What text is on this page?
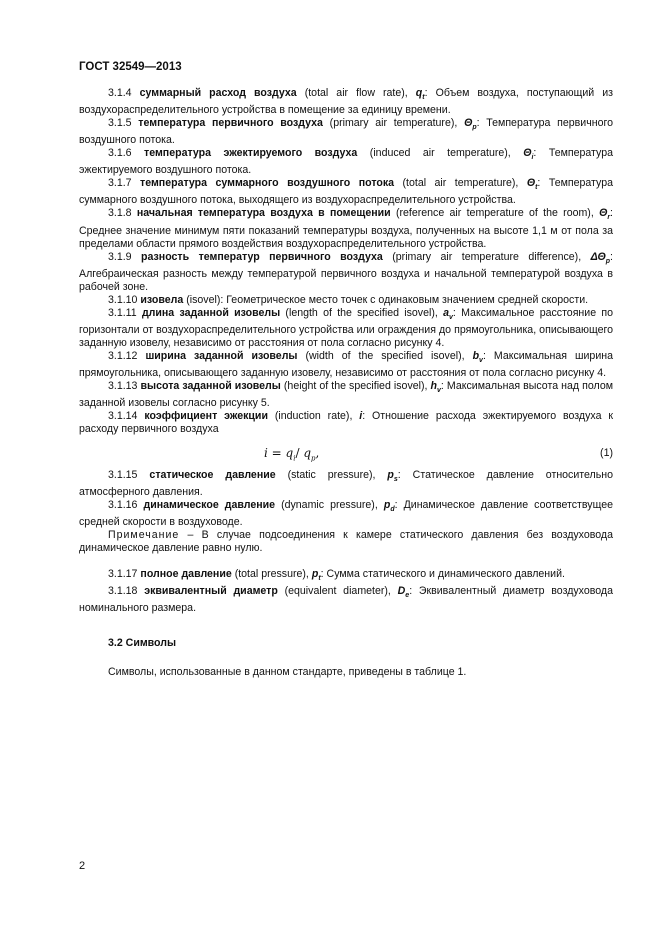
ГОСТ 32549—2013

3.1.4 суммарный расход воздуха (total air flow rate), $q_t$: Объем воздуха, поступающий из воздухораспределительного устройства в помещение за единицу времени.

3.1.5 температура первичного воздуха (primary air temperature), $\Theta_p$: Температура первичного воздушного потока.

3.1.6 температура эжектируемого воздуха (induced air temperature), $\Theta_i$: Температура эжектируемого воздушного потока.

3.1.7 температура суммарного воздушного потока (total air temperature), $\Theta_t$: Температура суммарного воздушного потока, выходящего из воздухораспределительного устройства.

3.1.8 начальная температура воздуха в помещении (reference air temperature of the room), $\Theta_r$: Среднее значение минимум пяти показаний температуры воздуха, полученных на высоте 1,1 м от пола за пределами области прямого воздействия воздухораспределительного устройства.

3.1.9 разность температур первичного воздуха (primary air temperature difference), $\Delta\Theta_p$: Алгебраическая разность между температурой первичного воздуха и начальной температурой воздуха в рабочей зоне.

3.1.10 изовела (isovel): Геометрическое место точек с одинаковым значением средней скорости.

3.1.11 длина заданной изовелы (length of the specified isovel), $a_v$: Максимальное расстояние по горизонтали от воздухораспределительного устройства или ограждения до прямоугольника, описывающего заданную изовелу, независимо от расстояния от пола согласно рисунку 4.

3.1.12 ширина заданной изовелы (width of the specified isovel), $b_v$: Максимальная ширина прямоугольника, описывающего заданную изовелу, независимо от расстояния от пола согласно рисунку 4.

3.1.13 высота заданной изовелы (height of the specified isovel), $h_v$: Максимальная высота над полом заданной изовелы согласно рисунку 5.

3.1.14 коэффициент эжекции (induction rate), i: Отношение расхода эжектируемого воздуха к расходу первичного воздуха

$i = q_i/$ $q_p$,	(1)

3.1.15 статическое давление (static pressure), $p_s$: Статическое давление относительно атмосферного давления.

3.1.16 динамическое давление (dynamic pressure), $p_d$: Динамическое давление соответствущее средней скорости в воздуховоде.

Примечание – В случае подсоединения к камере статического давления без воздуховода динамическое давление равно нулю.

3.1.17 полное давление (total pressure), $p_t$: Сумма статического и динамического давлений.

3.1.18 эквивалентный диаметр (equivalent diameter), $D_e$: Эквивалентный диаметр воздуховода номинального размера.

3.2 Символы

Символы, использованные в данном стандарте, приведены в таблице 1.

2
